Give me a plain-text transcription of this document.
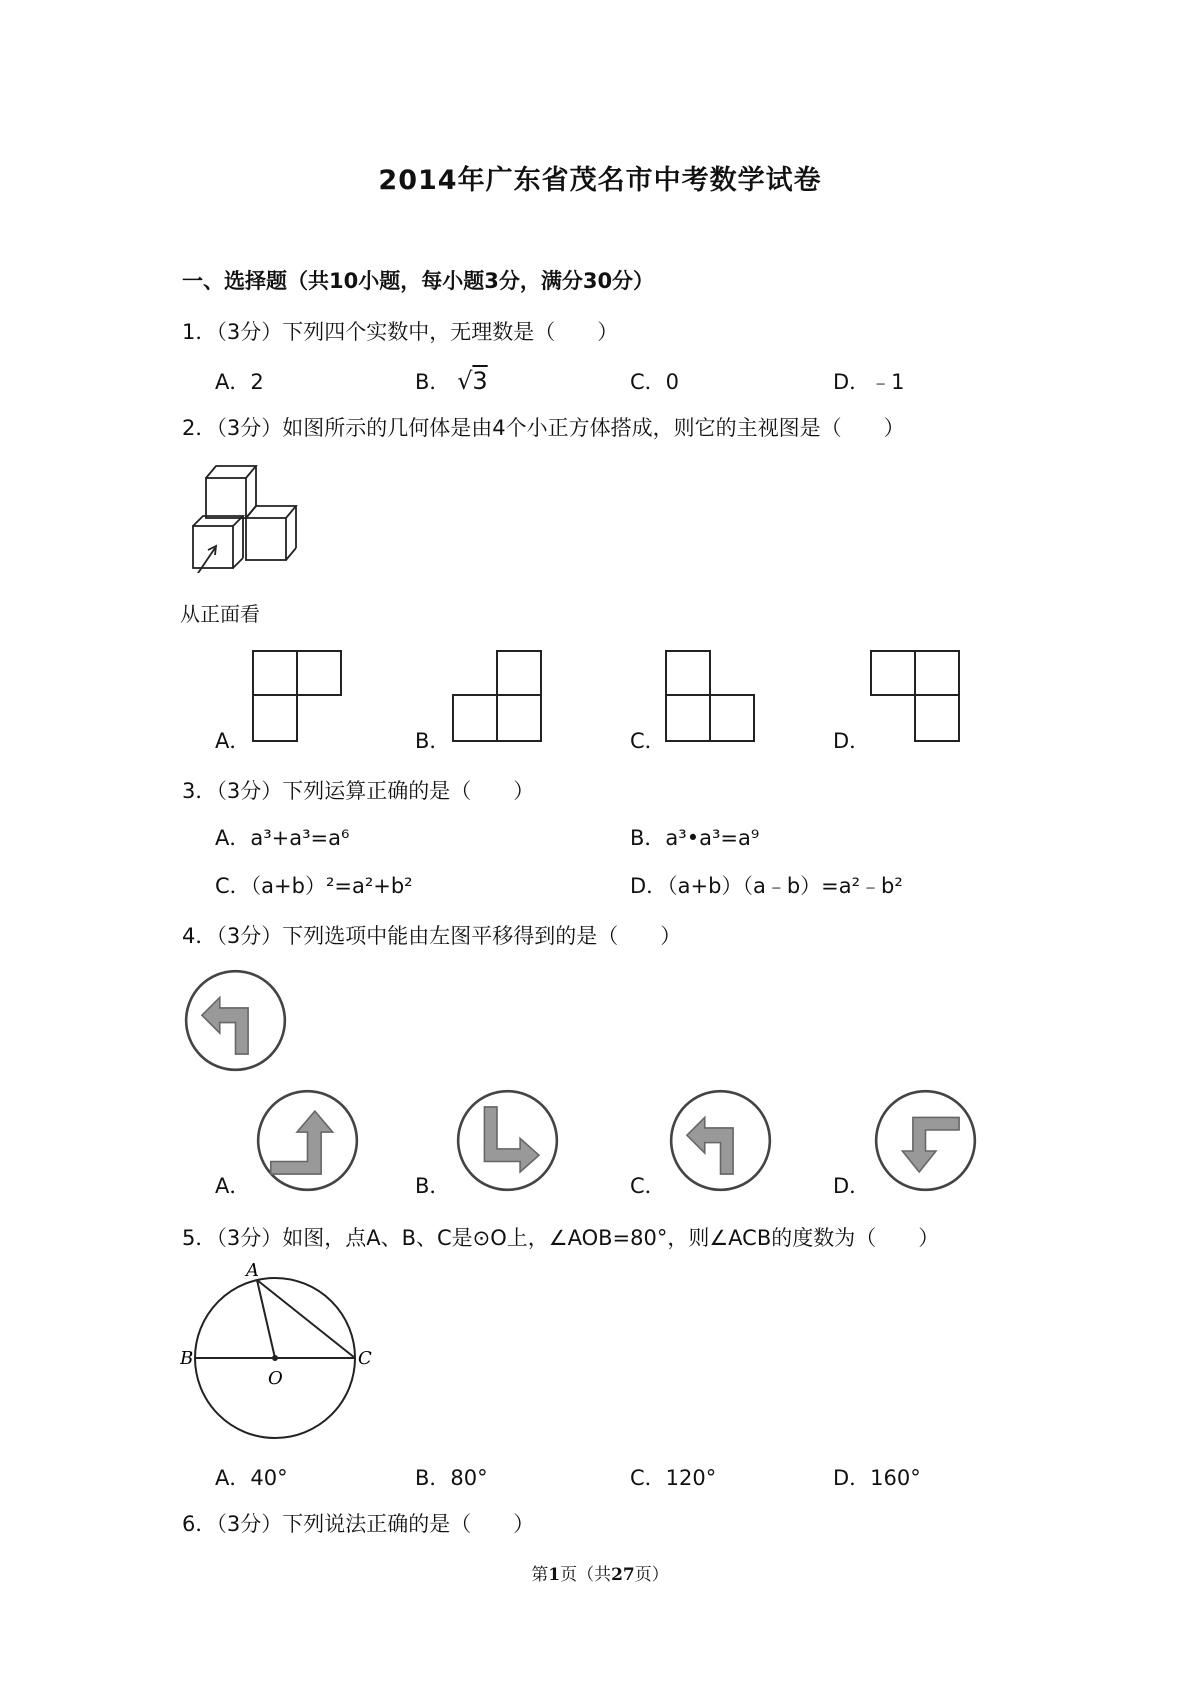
2014年广东省茂名市中考数学试卷
一、选择题（共10小题，每小题3分，满分30分）
1．（3分）下列四个实数中，无理数是（　　）
A．2	B． √3	C．0	D．﹣1
2．（3分）如图所示的几何体是由4个小正方体搭成，则它的主视图是（　　）
从正面看
A．	B．	C．	D．
3．（3分）下列运算正确的是（　　）
A．a³+a³=a⁶	B．a³•a³=a⁹
C．（a+b）²=a²+b²	D．（a+b）（a﹣b）=a²﹣b²
4．（3分）下列选项中能由左图平移得到的是（　　）
A．	B．	C．	D．
5．（3分）如图，点A、B、C是⊙O上，∠AOB=80°，则∠ACB的度数为（　　）
A
B
O
C
A．40°	B．80°	C．120°	D．160°
6．（3分）下列说法正确的是（　　）
第1页（共27页）
